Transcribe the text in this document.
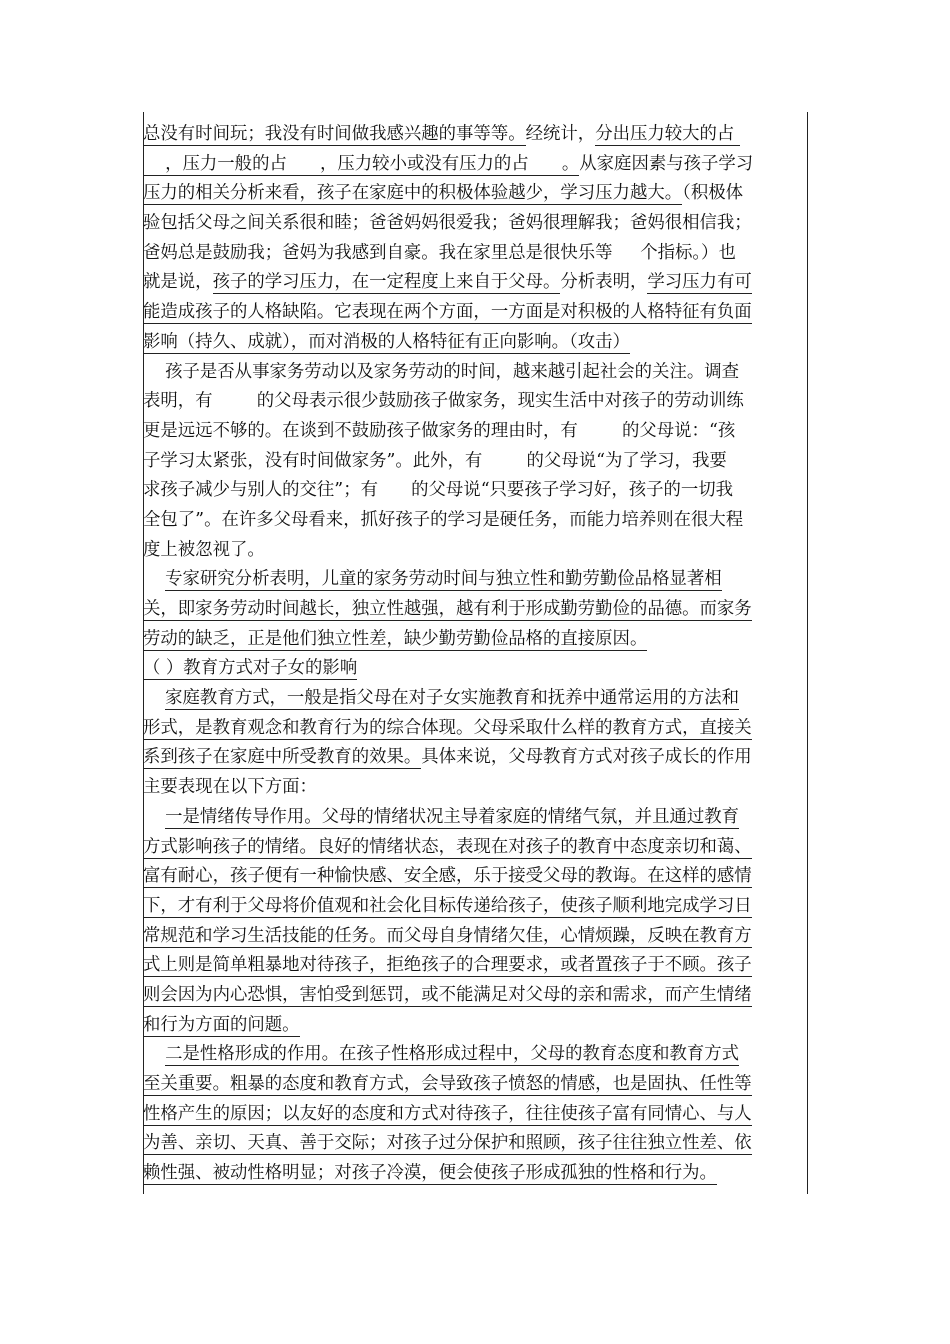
总没有时间玩；我没有时间做我感兴趣的事等等。经统计，分出压力较大的占
，压力一般的占      ，压力较小或没有压力的占      。从家庭因素与孩子学习
压力的相关分析来看，孩子在家庭中的积极体验越少，学习压力越大。（积极体
验包括父母之间关系很和睦；爸爸妈妈很爱我；爸妈很理解我；爸妈很相信我；
爸妈总是鼓励我；爸妈为我感到自豪。我在家里总是很快乐等     个指标。）也
就是说，孩子的学习压力，在一定程度上来自于父母。分析表明，学习压力有可
能造成孩子的人格缺陷。它表现在两个方面，一方面是对积极的人格特征有负面
影响（持久、成就），而对消极的人格特征有正向影响。（攻击）
孩子是否从事家务劳动以及家务劳动的时间，越来越引起社会的关注。调查
表明，有        的父母表示很少鼓励孩子做家务，现实生活中对孩子的劳动训练
更是远远不够的。在谈到不鼓励孩子做家务的理由时，有        的父母说：“孩
子学习太紧张，没有时间做家务”。此外，有        的父母说“为了学习，我要
求孩子减少与别人的交往”；有      的父母说“只要孩子学习好，孩子的一切我
全包了”。在许多父母看来，抓好孩子的学习是硬任务，而能力培养则在很大程
度上被忽视了。
专家研究分析表明，儿童的家务劳动时间与独立性和勤劳勤俭品格显著相
关，即家务劳动时间越长，独立性越强，越有利于形成勤劳勤俭的品德。而家务
劳动的缺乏，正是他们独立性差，缺少勤劳勤俭品格的直接原因。
（ ）教育方式对子女的影响
家庭教育方式，一般是指父母在对子女实施教育和抚养中通常运用的方法和
形式，是教育观念和教育行为的综合体现。父母采取什么样的教育方式，直接关
系到孩子在家庭中所受教育的效果。具体来说，父母教育方式对孩子成长的作用
主要表现在以下方面：
一是情绪传导作用。父母的情绪状况主导着家庭的情绪气氛，并且通过教育
方式影响孩子的情绪。良好的情绪状态，表现在对孩子的教育中态度亲切和蔼、
富有耐心，孩子便有一种愉快感、安全感，乐于接受父母的教诲。在这样的感情
下，才有利于父母将价值观和社会化目标传递给孩子，使孩子顺利地完成学习日
常规范和学习生活技能的任务。而父母自身情绪欠佳，心情烦躁，反映在教育方
式上则是简单粗暴地对待孩子，拒绝孩子的合理要求，或者置孩子于不顾。孩子
则会因为内心恐惧，害怕受到惩罚，或不能满足对父母的亲和需求，而产生情绪
和行为方面的问题。
二是性格形成的作用。在孩子性格形成过程中，父母的教育态度和教育方式
至关重要。粗暴的态度和教育方式，会导致孩子愤怒的情感，也是固执、任性等
性格产生的原因；以友好的态度和方式对待孩子，往往使孩子富有同情心、与人
为善、亲切、天真、善于交际；对孩子过分保护和照顾，孩子往往独立性差、依
赖性强、被动性格明显；对孩子冷漠，便会使孩子形成孤独的性格和行为。
